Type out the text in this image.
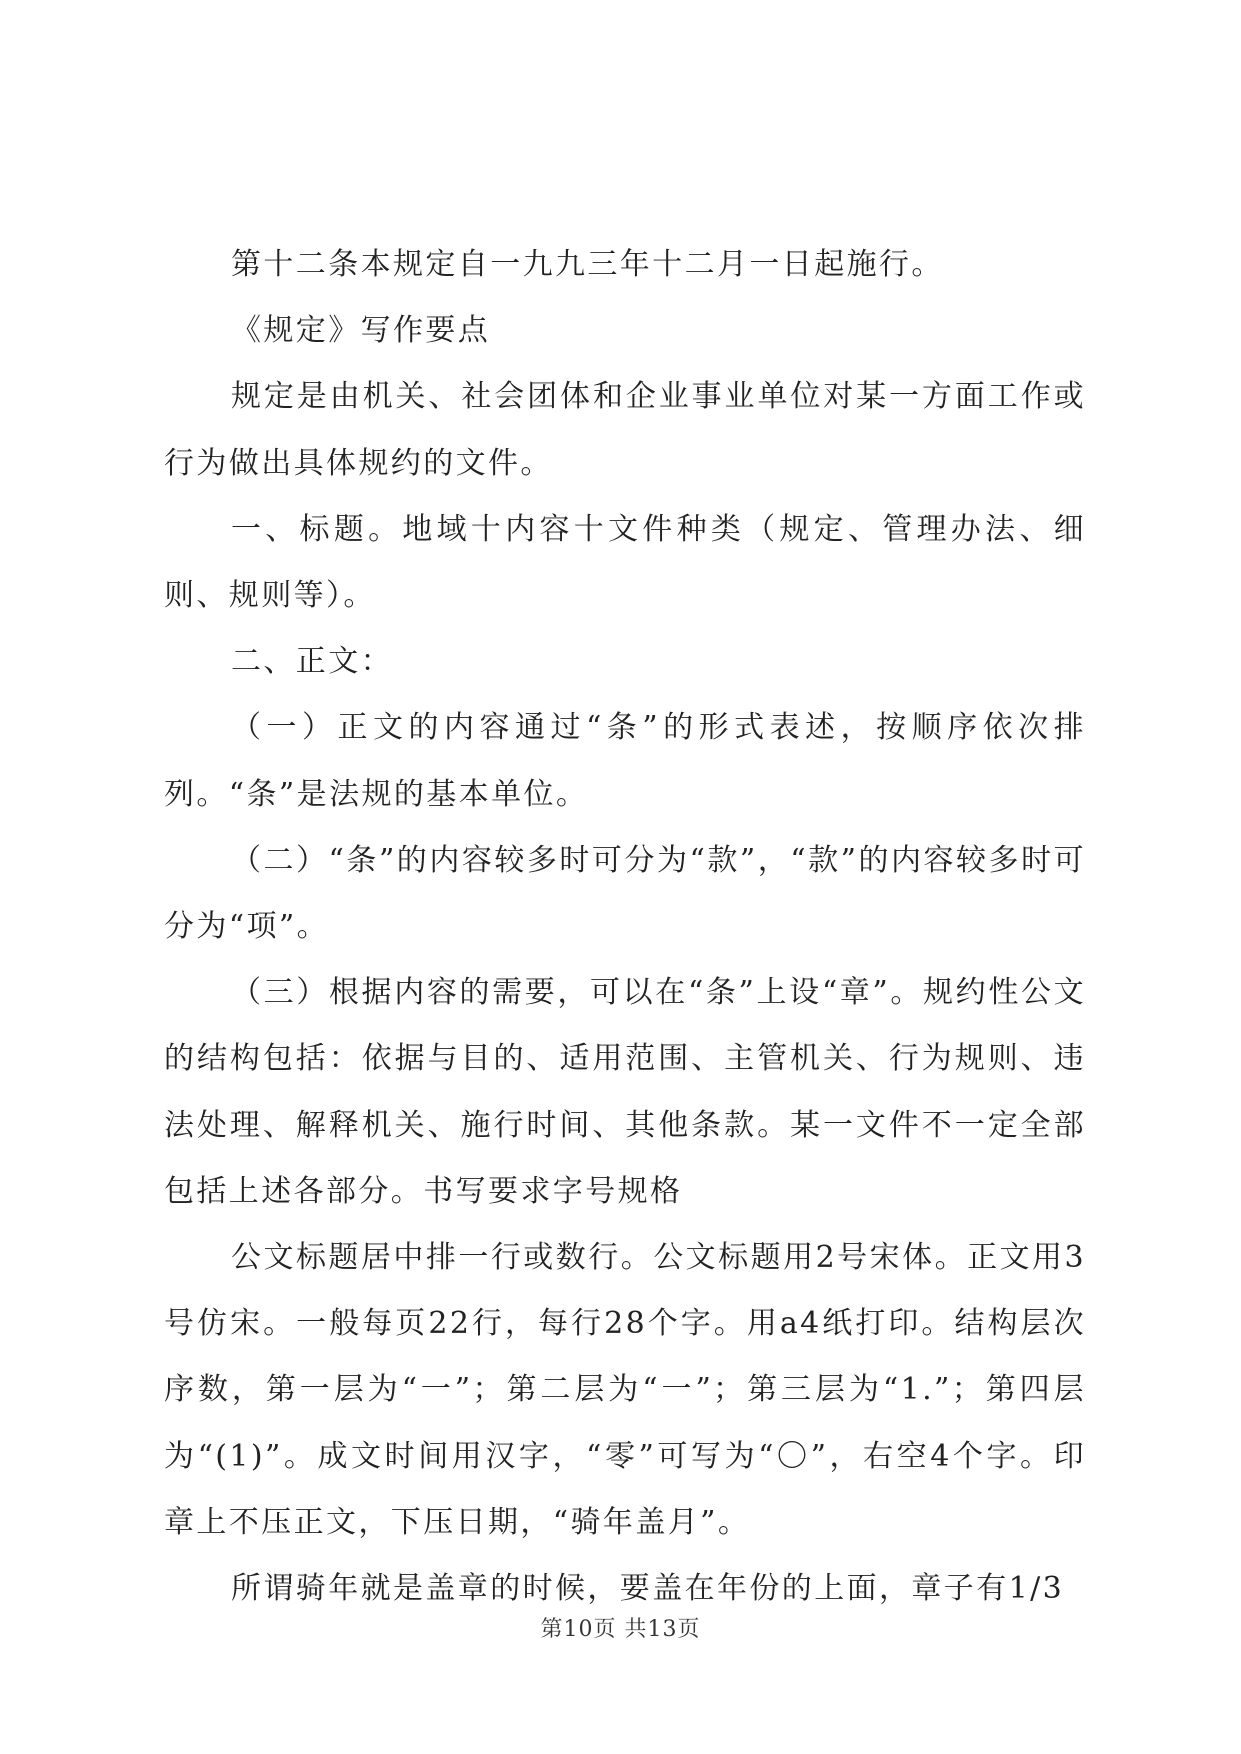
第十二条本规定自一九九三年十二月一日起施行。

《规定》写作要点

规定是由机关、社会团体和企业事业单位对某一方面工作或行为做出具体规约的文件。

一、标题。地域十内容十文件种类（规定、管理办法、细则、规则等）。

二、正文：

（一）正文的内容通过“条”的形式表述，按顺序依次排列。“条”是法规的基本单位。

（二）“条”的内容较多时可分为“款”，“款”的内容较多时可分为“项”。

（三）根据内容的需要，可以在“条”上设“章”。规约性公文的结构包括：依据与目的、适用范围、主管机关、行为规则、违法处理、解释机关、施行时间、其他条款。某一文件不一定全部包括上述各部分。书写要求字号规格

公文标题居中排一行或数行。公文标题用2号宋体。正文用3号仿宋。一般每页22行，每行28个字。用a4纸打印。结构层次序数，第一层为“一”；第二层为“一”；第三层为“1.”；第四层为“(1)”。成文时间用汉字，“零”可写为“〇”，右空4个字。印章上不压正文，下压日期，“骑年盖月”。

所谓骑年就是盖章的时候，要盖在年份的上面，章子有1/3

第10页 共13页
